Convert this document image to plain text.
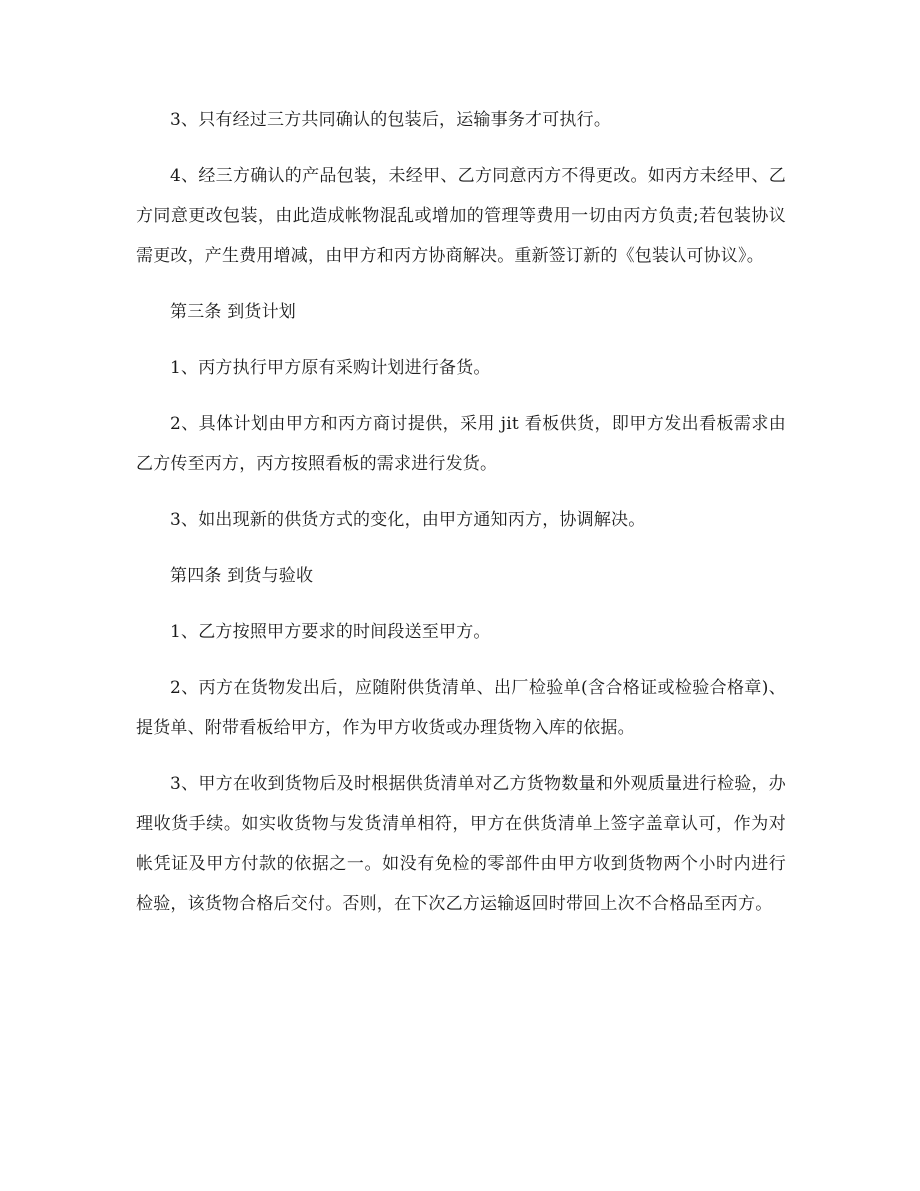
3、只有经过三方共同确认的包装后，运输事务才可执行。

4、经三方确认的产品包装，未经甲、乙方同意丙方不得更改。如丙方未经甲、乙方同意更改包装，由此造成帐物混乱或增加的管理等费用一切由丙方负责;若包装协议需更改，产生费用增减，由甲方和丙方协商解决。重新签订新的《包装认可协议》。

第三条 到货计划

1、丙方执行甲方原有采购计划进行备货。

2、具体计划由甲方和丙方商讨提供，采用 jit 看板供货，即甲方发出看板需求由乙方传至丙方，丙方按照看板的需求进行发货。

3、如出现新的供货方式的变化，由甲方通知丙方，协调解决。

第四条 到货与验收

1、乙方按照甲方要求的时间段送至甲方。

2、丙方在货物发出后，应随附供货清单、出厂检验单(含合格证或检验合格章)、提货单、附带看板给甲方，作为甲方收货或办理货物入库的依据。

3、甲方在收到货物后及时根据供货清单对乙方货物数量和外观质量进行检验，办理收货手续。如实收货物与发货清单相符，甲方在供货清单上签字盖章认可，作为对帐凭证及甲方付款的依据之一。如没有免检的零部件由甲方收到货物两个小时内进行检验，该货物合格后交付。否则，在下次乙方运输返回时带回上次不合格品至丙方。
